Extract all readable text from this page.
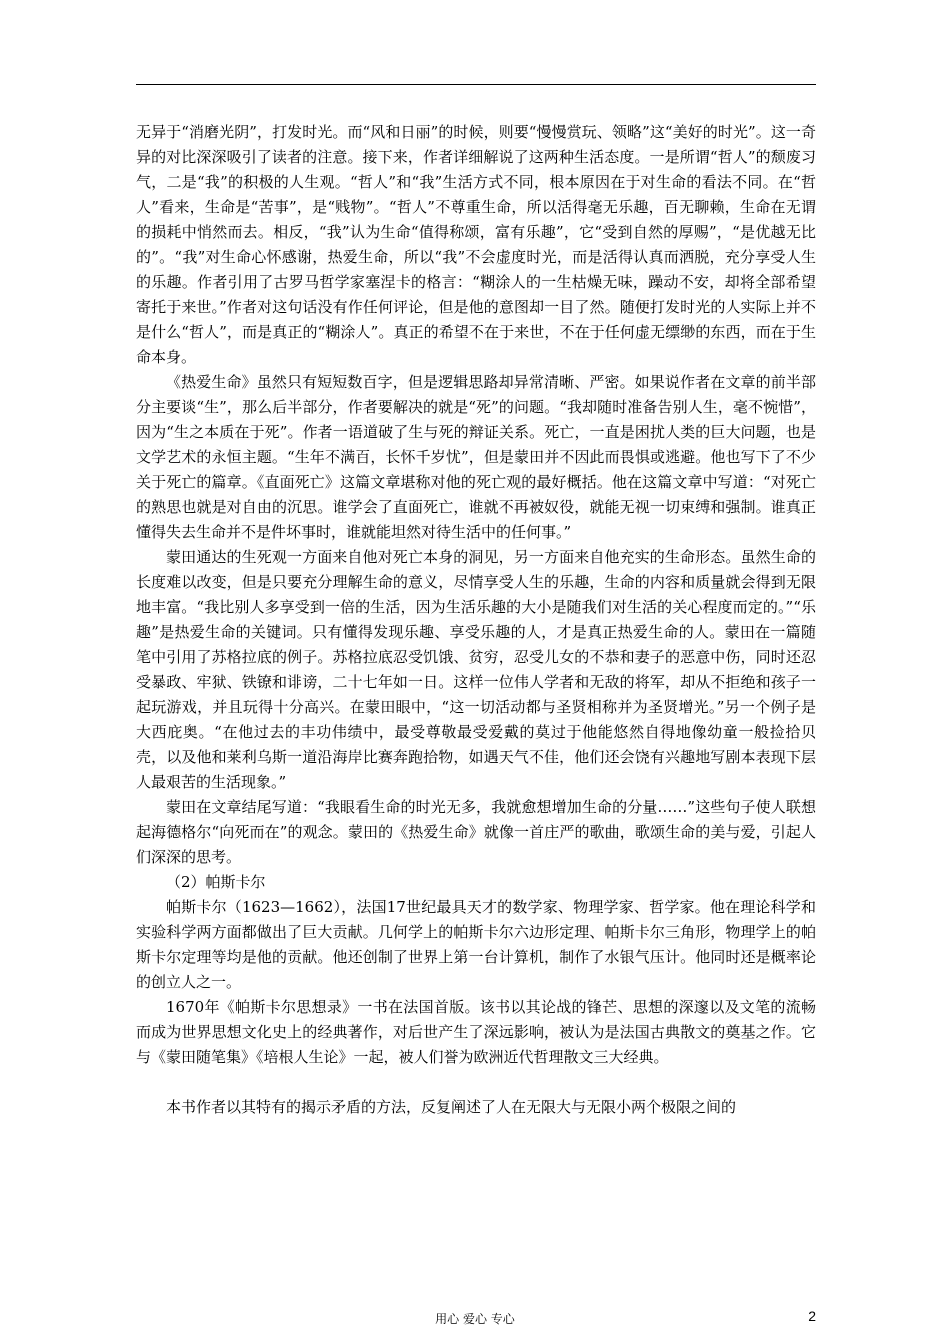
无异于“消磨光阴”，打发时光。而“风和日丽”的时候，则要“慢慢赏玩、领略”这“美好的时光”。这一奇异的对比深深吸引了读者的注意。接下来，作者详细解说了这两种生活态度。一是所谓“哲人”的颓废习气，二是“我”的积极的人生观。“哲人”和“我”生活方式不同，根本原因在于对生命的看法不同。在“哲人”看来，生命是“苦事”，是“贱物”。“哲人”不尊重生命，所以活得毫无乐趣，百无聊赖，生命在无谓的损耗中悄然而去。相反，“我”认为生命“值得称颂，富有乐趣”，它“受到自然的厚赐”，“是优越无比的”。“我”对生命心怀感谢，热爱生命，所以“我”不会虚度时光，而是活得认真而洒脱，充分享受人生的乐趣。作者引用了古罗马哲学家塞涅卡的格言：“糊涂人的一生枯燥无味，躁动不安，却将全部希望寄托于来世。”作者对这句话没有作任何评论，但是他的意图却一目了然。随便打发时光的人实际上并不是什么“哲人”，而是真正的“糊涂人”。真正的希望不在于来世，不在于任何虚无缥缈的东西，而在于生命本身。

《热爱生命》虽然只有短短数百字，但是逻辑思路却异常清晰、严密。如果说作者在文章的前半部分主要谈“生”，那么后半部分，作者要解决的就是“死”的问题。“我却随时准备告别人生，毫不惋惜”，因为“生之本质在于死”。作者一语道破了生与死的辩证关系。死亡，一直是困扰人类的巨大问题，也是文学艺术的永恒主题。“生年不满百，长怀千岁忧”，但是蒙田并不因此而畏惧或逃避。他也写下了不少关于死亡的篇章。《直面死亡》这篇文章堪称对他的死亡观的最好概括。他在这篇文章中写道：“对死亡的熟思也就是对自由的沉思。谁学会了直面死亡，谁就不再被奴役，就能无视一切束缚和强制。谁真正懂得失去生命并不是件坏事时，谁就能坦然对待生活中的任何事。”

蒙田通达的生死观一方面来自他对死亡本身的洞见，另一方面来自他充实的生命形态。虽然生命的长度难以改变，但是只要充分理解生命的意义，尽情享受人生的乐趣，生命的内容和质量就会得到无限地丰富。“我比别人多享受到一倍的生活，因为生活乐趣的大小是随我们对生活的关心程度而定的。”“乐趣”是热爱生命的关键词。只有懂得发现乐趣、享受乐趣的人，才是真正热爱生命的人。蒙田在一篇随笔中引用了苏格拉底的例子。苏格拉底忍受饥饿、贫穷，忍受儿女的不恭和妻子的恶意中伤，同时还忍受暴政、牢狱、铁镣和诽谤，二十七年如一日。这样一位伟人学者和无敌的将军，却从不拒绝和孩子一起玩游戏，并且玩得十分高兴。在蒙田眼中，“这一切活动都与圣贤相称并为圣贤增光。”另一个例子是大西庇奥。“在他过去的丰功伟绩中，最受尊敬最受爱戴的莫过于他能悠然自得地像幼童一般捡拾贝壳，以及他和莱利乌斯一道沿海岸比赛奔跑拾物，如遇天气不佳，他们还会饶有兴趣地写剧本表现下层人最艰苦的生活现象。”

蒙田在文章结尾写道：“我眼看生命的时光无多，我就愈想增加生命的分量……”这些句子使人联想起海德格尔“向死而在”的观念。蒙田的《热爱生命》就像一首庄严的歌曲，歌颂生命的美与爱，引起人们深深的思考。

（2）帕斯卡尔

帕斯卡尔（1623—1662），法国17世纪最具天才的数学家、物理学家、哲学家。他在理论科学和实验科学两方面都做出了巨大贡献。几何学上的帕斯卡尔六边形定理、帕斯卡尔三角形，物理学上的帕斯卡尔定理等均是他的贡献。他还创制了世界上第一台计算机，制作了水银气压计。他同时还是概率论的创立人之一。

1670年《帕斯卡尔思想录》一书在法国首版。该书以其论战的锋芒、思想的深邃以及文笔的流畅而成为世界思想文化史上的经典著作，对后世产生了深远影响，被认为是法国古典散文的奠基之作。它与《蒙田随笔集》《培根人生论》一起，被人们誉为欧洲近代哲理散文三大经典。

本书作者以其特有的揭示矛盾的方法，反复阐述了人在无限大与无限小两个极限之间的

用心 爱心 专心	2
